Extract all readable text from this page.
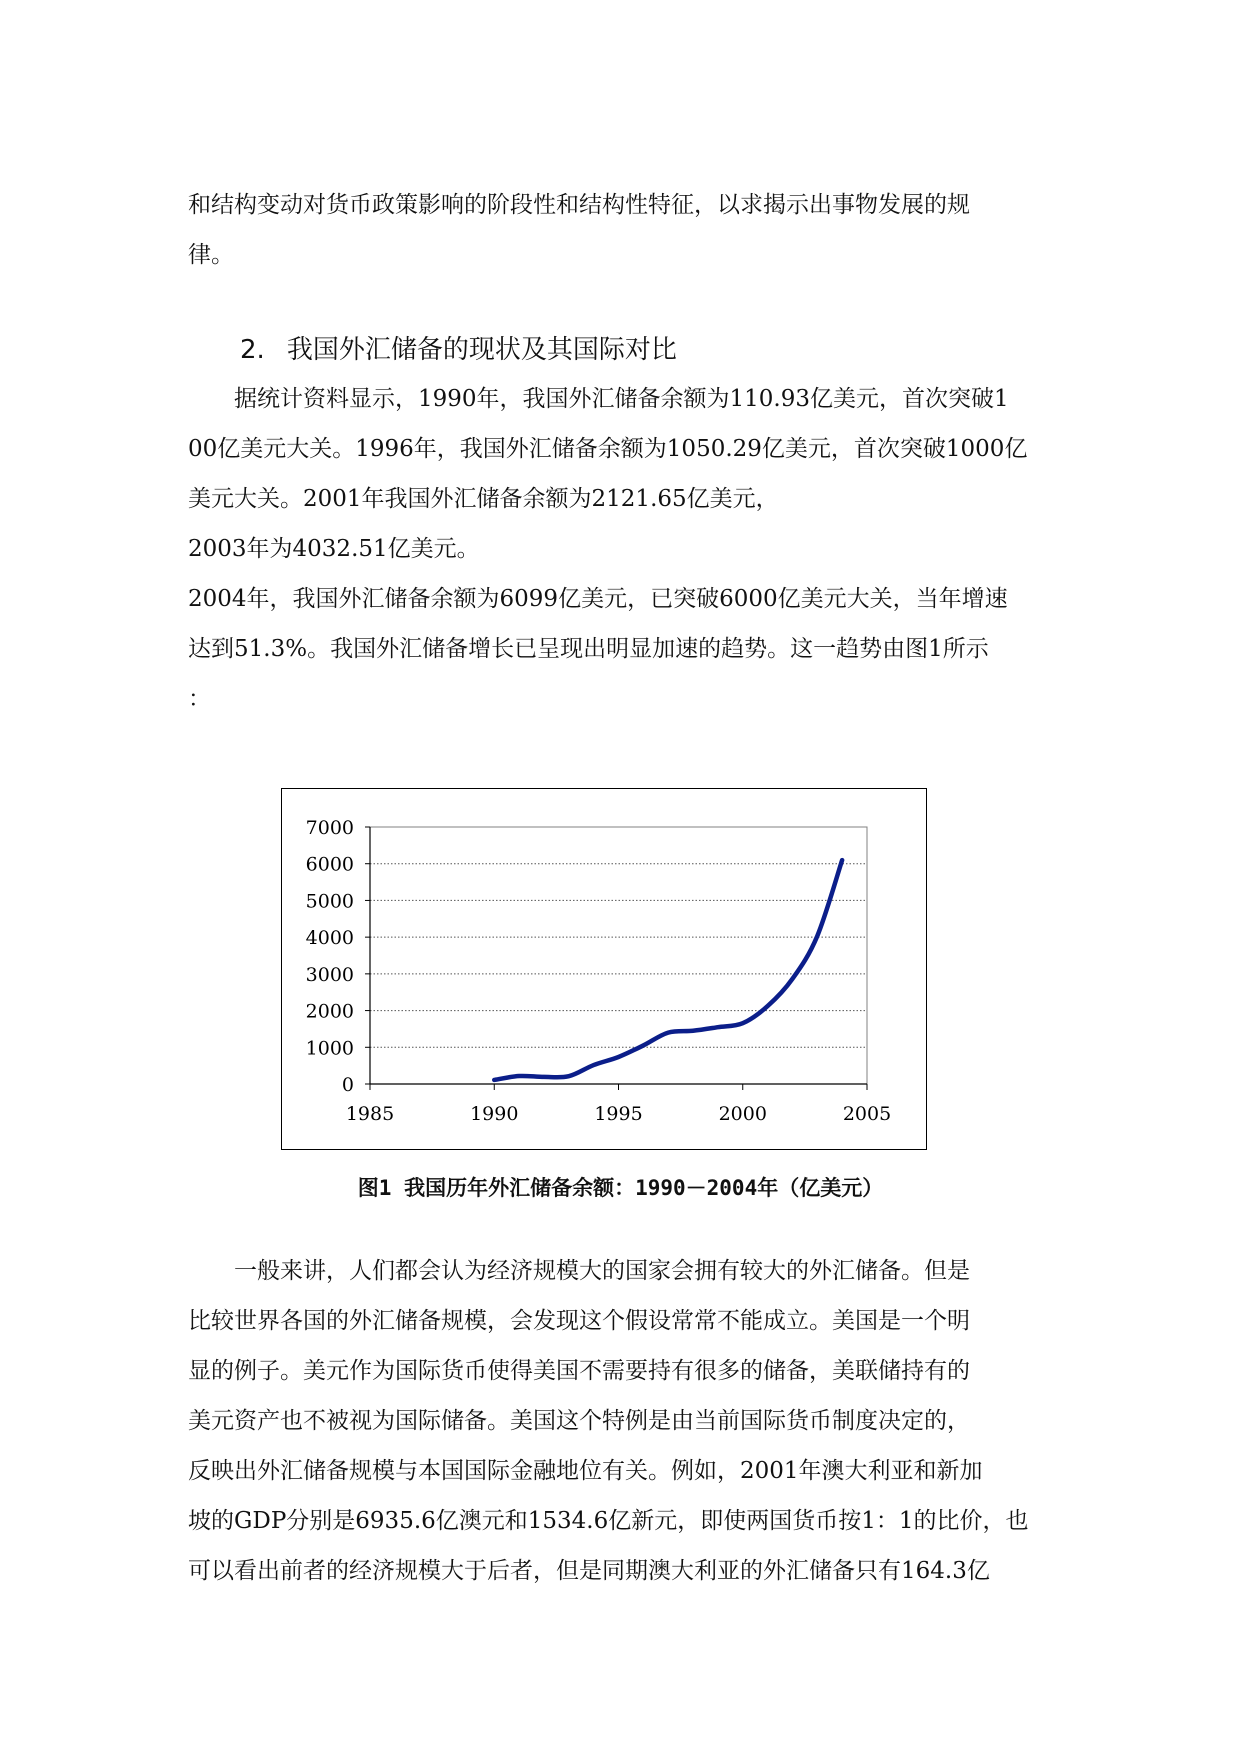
和结构变动对货币政策影响的阶段性和结构性特征，以求揭示出事物发展的规
律。
2. 我国外汇储备的现状及其国际对比
　　据统计资料显示，1990年，我国外汇储备余额为110.93亿美元，首次突破1
00亿美元大关。1996年，我国外汇储备余额为1050.29亿美元，首次突破1000亿
美元大关。2001年我国外汇储备余额为2121.65亿美元，
2003年为4032.51亿美元。
2004年，我国外汇储备余额为6099亿美元，已突破6000亿美元大关，当年增速
达到51.3%。我国外汇储备增长已呈现出明显加速的趋势。这一趋势由图1所示
：
0
1000
2000
3000
4000
5000
6000
7000
1985	1990	1995	2000	2005
图1 我国历年外汇储备余额：1990－2004年（亿美元）
　　一般来讲，人们都会认为经济规模大的国家会拥有较大的外汇储备。但是
比较世界各国的外汇储备规模，会发现这个假设常常不能成立。美国是一个明
显的例子。美元作为国际货币使得美国不需要持有很多的储备，美联储持有的
美元资产也不被视为国际储备。美国这个特例是由当前国际货币制度决定的，
反映出外汇储备规模与本国国际金融地位有关。例如，2001年澳大利亚和新加
坡的GDP分别是6935.6亿澳元和1534.6亿新元，即使两国货币按1：1的比价，也
可以看出前者的经济规模大于后者，但是同期澳大利亚的外汇储备只有164.3亿
